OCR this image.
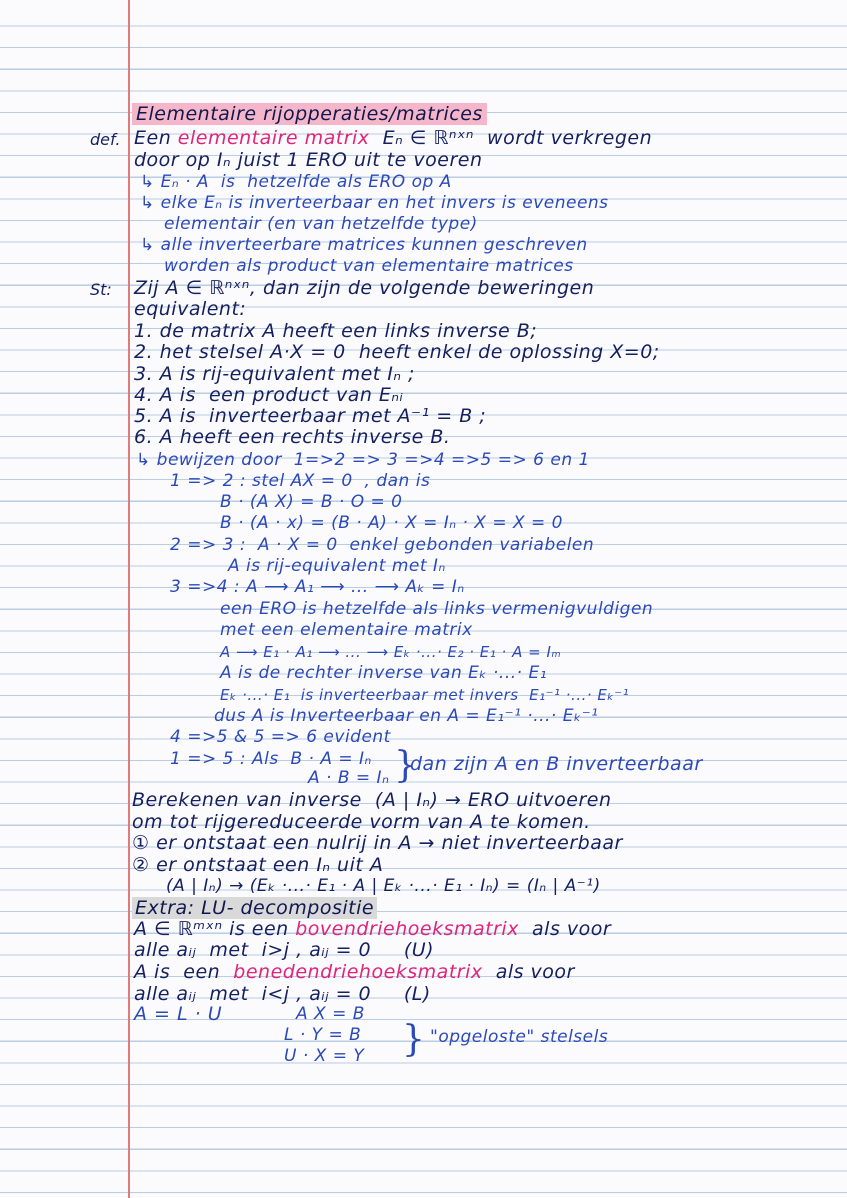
Elementaire rijopperaties/matrices
def. Een elementaire matrix  Eₙ ∈ ℝⁿˣⁿ  wordt verkregen
door op Iₙ juist 1 ERO uit te voeren
↳ Eₙ · A  is  hetzelfde als ERO op A
↳ elke Eₙ is inverteerbaar en het invers is eveneens
elementair (en van hetzelfde type)
↳ alle inverteerbare matrices kunnen geschreven
worden als product van elementaire matrices
St: Zij A ∈ ℝⁿˣⁿ, dan zijn de volgende beweringen
equivalent:
1. de matrix A heeft een links inverse B;
2. het stelsel A·X = 0  heeft enkel de oplossing X=0;
3. A is rij-equivalent met Iₙ ;
4. A is  een product van Eₙᵢ
5. A is  inverteerbaar met A⁻¹ = B ;
6. A heeft een rechts inverse B.
↳ bewijzen door  1=>2 => 3 =>4 =>5 => 6 en 1
1 => 2 : stel AX = 0  , dan is
B · (A X) = B · O = 0
B · (A · x) = (B · A) · X = Iₙ · X = X = 0
2 => 3 :  A · X = 0  enkel gebonden variabelen
A is rij-equivalent met Iₙ
3 =>4 : A ⟶ A₁ ⟶ ... ⟶ Aₖ = Iₙ
een ERO is hetzelfde als links vermenigvuldigen
met een elementaire matrix
A ⟶ E₁ · A₁ ⟶ ... ⟶ Eₖ ·...· E₂ · E₁ · A = Iₘ
A is de rechter inverse van Eₖ ·...· E₁
Eₖ ·...· E₁  is inverteerbaar met invers  E₁⁻¹ ·...· Eₖ⁻¹
dus A is Inverteerbaar en A = E₁⁻¹ ·...· Eₖ⁻¹
4 =>5 & 5 => 6 evident
1 => 5 : Als  B · A = Iₙ
A · B = Iₙ }
dan zijn A en B inverteerbaar
Berekenen van inverse  (A | Iₙ) → ERO uitvoeren
om tot rijgereduceerde vorm van A te komen.
① er ontstaat een nulrij in A → niet inverteerbaar
② er ontstaat een Iₙ uit A
(A | Iₙ) → (Eₖ ·...· E₁ · A | Eₖ ·...· E₁ · Iₙ) = (Iₙ | A⁻¹)
Extra: LU- decompositie
A ∈ ℝᵐˣⁿ is een bovendriehoeksmatrix  als voor
alle aᵢⱼ  met  i>j , aᵢⱼ = 0     (U)
A is  een  benedendriehoeksmatrix  als voor
alle aᵢⱼ  met  i<j , aᵢⱼ = 0     (L)
A = L · U	A X = B
L · Y = B
U · X = Y } "opgeloste" stelsels
